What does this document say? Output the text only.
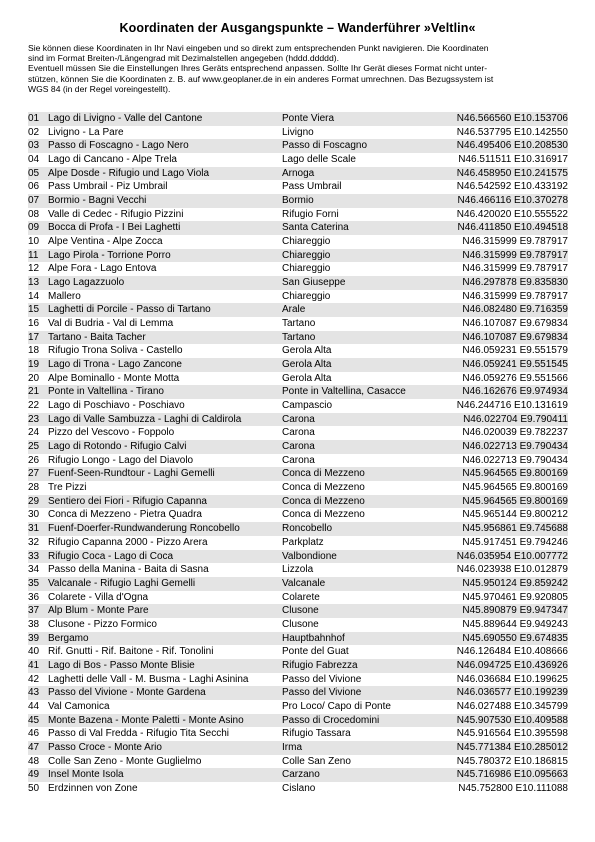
Koordinaten der Ausgangspunkte – Wanderführer »Veltlin«
Sie können diese Koordinaten in Ihr Navi eingeben und so direkt zum entsprechenden Punkt navigieren. Die Koordinaten
sind im Format Breiten-/Längengrad mit Dezimalstellen angegeben (hddd.ddddd).
Eventuell müssen Sie die Einstellungen Ihres Geräts entsprechend anpassen. Sollte Ihr Gerät dieses Format nicht unter-
stützen, können Sie die Koordinaten z. B. auf www.geoplaner.de in ein anderes Format umrechnen. Das Bezugssystem ist
WGS 84 (in der Regel voreingestellt).
01	Lago di Livigno - Valle del Cantone	Ponte Viera	N46.566560 E10.153706
02	Livigno - La Pare	Livigno	N46.537795 E10.142550
03	Passo di Foscagno - Lago Nero	Passo di Foscagno	N46.495406 E10.208530
04	Lago di Cancano - Alpe Trela	Lago delle Scale	N46.511511 E10.316917
05	Alpe Dosde - Rifugio und Lago Viola	Arnoga	N46.458950 E10.241575
06	Pass Umbrail - Piz Umbrail	Pass Umbrail	N46.542592 E10.433192
07	Bormio - Bagni Vecchi	Bormio	N46.466116 E10.370278
08	Valle di Cedec - Rifugio Pizzini	Rifugio Forni	N46.420020 E10.555522
09	Bocca di Profa - I Bei Laghetti	Santa Caterina	N46.411850 E10.494518
10	Alpe Ventina - Alpe Zocca	Chiareggio	N46.315999 E9.787917
11	Lago Pirola - Torrione Porro	Chiareggio	N46.315999 E9.787917
12	Alpe Fora - Lago Entova	Chiareggio	N46.315999 E9.787917
13	Lago Lagazzuolo	San Giuseppe	N46.297878 E9.835830
14	Mallero	Chiareggio	N46.315999 E9.787917
15	Laghetti di Porcile - Passo di Tartano	Arale	N46.082480 E9.716359
16	Val di Budria - Val di Lemma	Tartano	N46.107087 E9.679834
17	Tartano - Baita Tacher	Tartano	N46.107087 E9.679834
18	Rifugio Trona Soliva - Castello	Gerola Alta	N46.059231 E9.551579
19	Lago di Trona - Lago Zancone	Gerola Alta	N46.059241 E9.551545
20	Alpe Bominallo - Monte Motta	Gerola Alta	N46.059276 E9.551566
21	Ponte in Valtellina - Tirano	Ponte in Valtellina, Casacce	N46.162676 E9.974934
22	Lago di Poschiavo - Poschiavo	Campascio	N46.244716 E10.131619
23	Lago di Valle Sambuzza - Laghi di Caldirola	Carona	N46.022704 E9.790411
24	Pizzo del Vescovo - Foppolo	Carona	N46.020039 E9.782237
25	Lago di Rotondo - Rifugio Calvi	Carona	N46.022713 E9.790434
26	Rifugio Longo - Lago del Diavolo	Carona	N46.022713 E9.790434
27	Fuenf-Seen-Rundtour - Laghi Gemelli	Conca di Mezzeno	N45.964565 E9.800169
28	Tre Pizzi	Conca di Mezzeno	N45.964565 E9.800169
29	Sentiero dei Fiori - Rifugio Capanna	Conca di Mezzeno	N45.964565 E9.800169
30	Conca di Mezzeno - Pietra Quadra	Conca di Mezzeno	N45.965144 E9.800212
31	Fuenf-Doerfer-Rundwanderung Roncobello	Roncobello	N45.956861 E9.745688
32	Rifugio Capanna 2000 - Pizzo Arera	Parkplatz	N45.917451 E9.794246
33	Rifugio Coca - Lago di Coca	Valbondione	N46.035954 E10.007772
34	Passo della Manina - Baita di Sasna	Lizzola	N46.023938 E10.012879
35	Valcanale - Rifugio Laghi Gemelli	Valcanale	N45.950124 E9.859242
36	Colarete - Villa d'Ogna	Colarete	N45.970461 E9.920805
37	Alp Blum - Monte Pare	Clusone	N45.890879 E9.947347
38	Clusone - Pizzo Formico	Clusone	N45.889644 E9.949243
39	Bergamo	Hauptbahnhof	N45.690550 E9.674835
40	Rif. Gnutti - Rif. Baitone - Rif. Tonolini	Ponte del Guat	N46.126484 E10.408666
41	Lago di Bos - Passo Monte Blisie	Rifugio Fabrezza	N46.094725 E10.436926
42	Laghetti delle Vall - M. Busma - Laghi Asinina	Passo del Vivione	N46.036684 E10.199625
43	Passo del Vivione - Monte Gardena	Passo del Vivione	N46.036577 E10.199239
44	Val Camonica	Pro Loco/ Capo di Ponte	N46.027488 E10.345799
45	Monte Bazena - Monte Paletti - Monte Asino	Passo di Crocedomini	N45.907530 E10.409588
46	Passo di Val Fredda - Rifugio Tita Secchi	Rifugio Tassara	N45.916564 E10.395598
47	Passo Croce - Monte Ario	Irma	N45.771384 E10.285012
48	Colle San Zeno - Monte Guglielmo	Colle San Zeno	N45.780372 E10.186815
49	Insel Monte Isola	Carzano	N45.716986 E10.095663
50	Erdzinnen von Zone	Cislano	N45.752800 E10.111088
